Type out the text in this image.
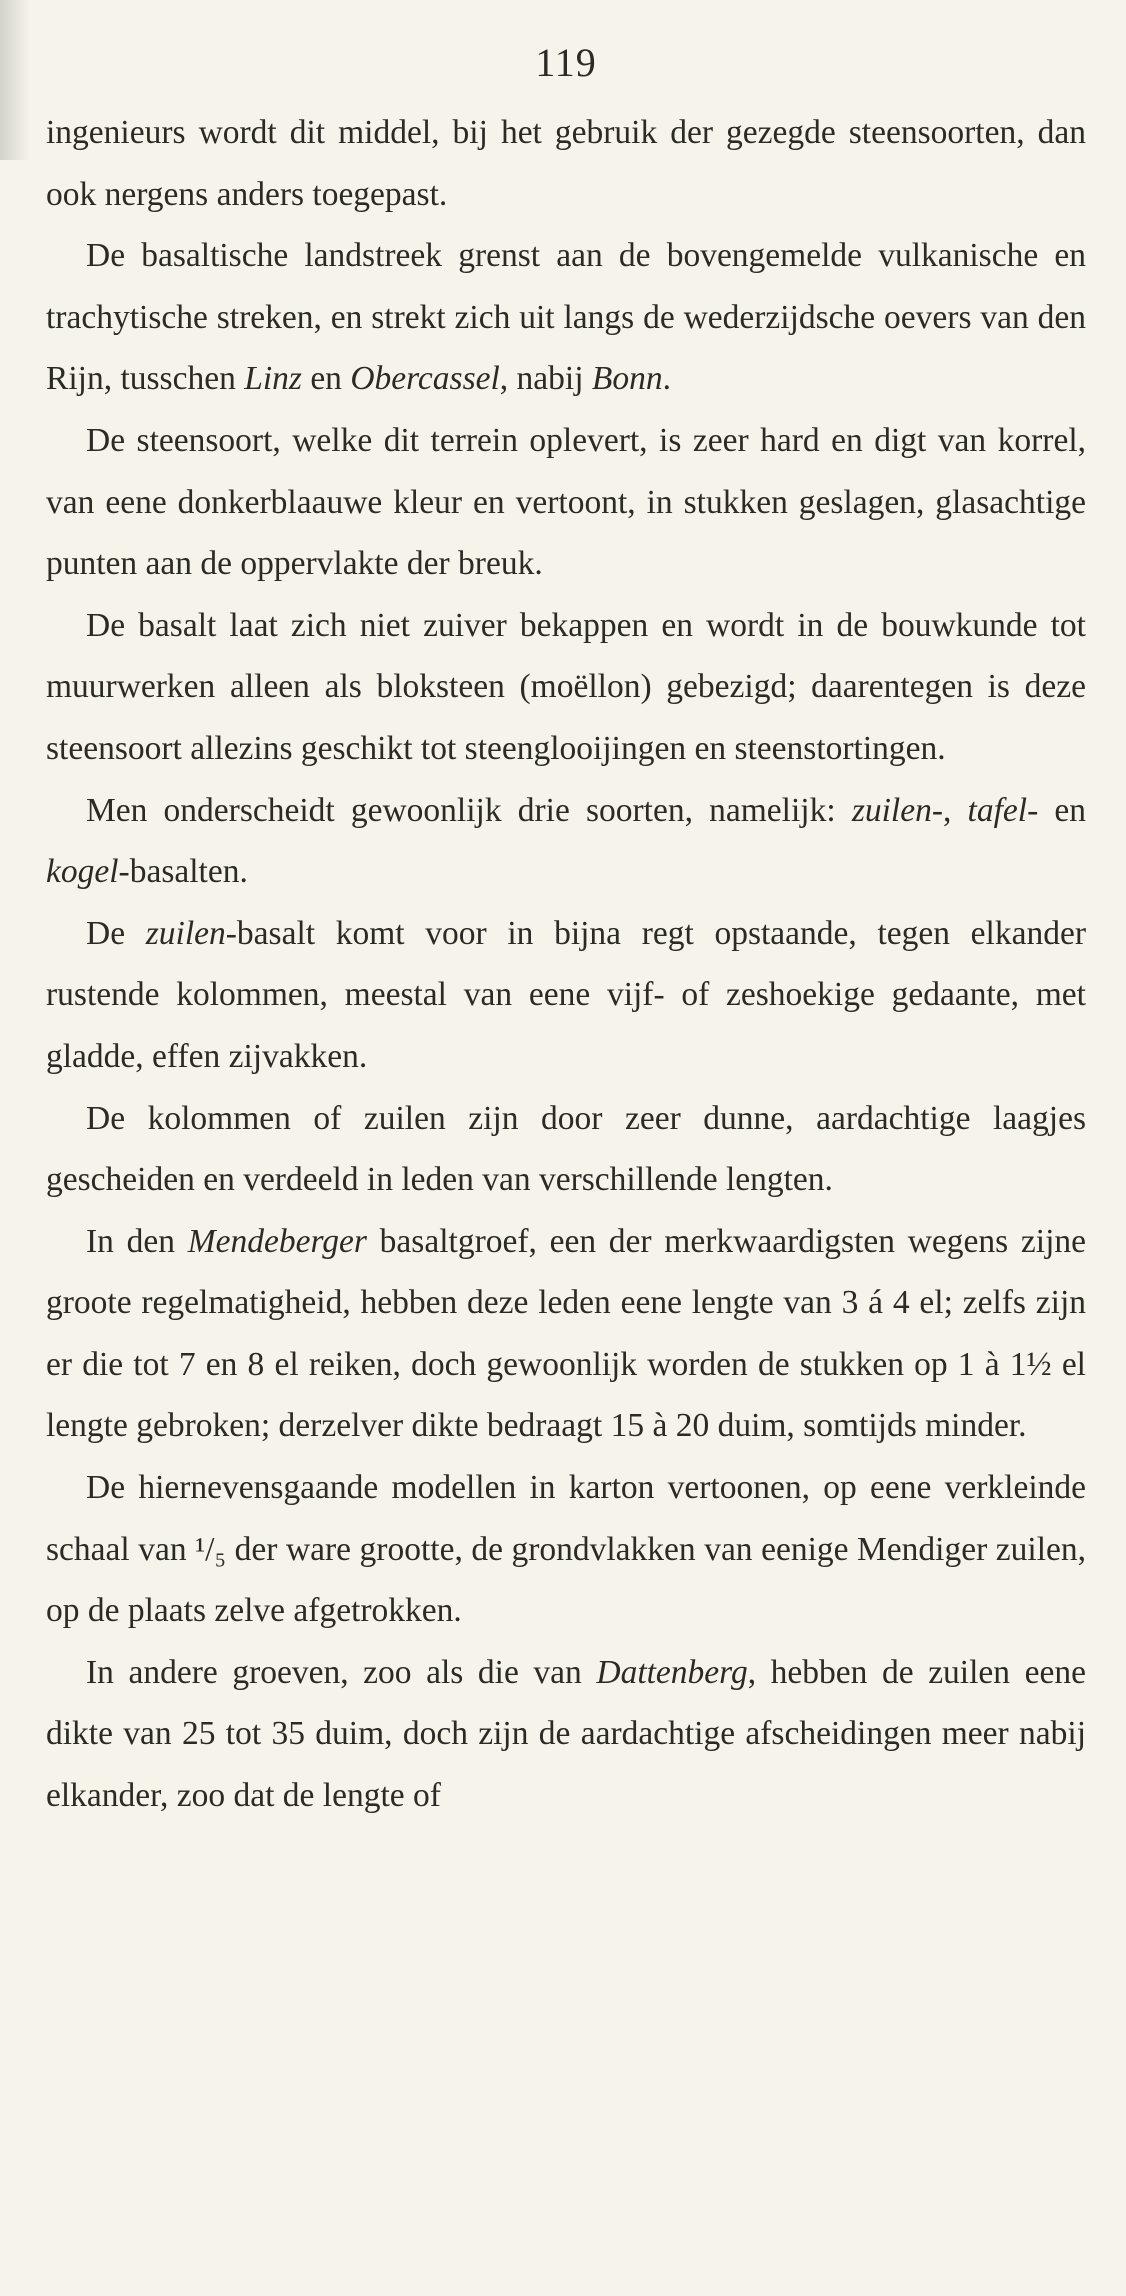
119

ingenieurs wordt dit middel, bij het gebruik der gezegde steensoorten, dan ook nergens anders toegepast.

De basaltische landstreek grenst aan de bovengemelde vulkanische en trachytische streken, en strekt zich uit langs de wederzijdsche oevers van den Rijn, tusschen Linz en Obercassel, nabij Bonn.

De steensoort, welke dit terrein oplevert, is zeer hard en digt van korrel, van eene donkerblaauwe kleur en vertoont, in stukken geslagen, glasachtige punten aan de oppervlakte der breuk.

De basalt laat zich niet zuiver bekappen en wordt in de bouwkunde tot muurwerken alleen als bloksteen (moëllon) gebezigd; daarentegen is deze steensoort allezins geschikt tot steenglooijingen en steenstortingen.

Men onderscheidt gewoonlijk drie soorten, namelijk: zuilen-, tafel- en kogel-basalten.

De zuilen-basalt komt voor in bijna regt opstaande, tegen elkander rustende kolommen, meestal van eene vijf- of zeshoekige gedaante, met gladde, effen zijvakken.

De kolommen of zuilen zijn door zeer dunne, aardachtige laagjes gescheiden en verdeeld in leden van verschillende lengten.

In den Mendeberger basaltgroef, een der merkwaardigsten wegens zijne groote regelmatigheid, hebben deze leden eene lengte van 3 á 4 el; zelfs zijn er die tot 7 en 8 el reiken, doch gewoonlijk worden de stukken op 1 à 1½ el lengte gebroken; derzelver dikte bedraagt 15 à 20 duim, somtijds minder.

De hiernevensgaande modellen in karton vertoonen, op eene verkleinde schaal van ¹/₅ der ware grootte, de grondvlakken van eenige Mendiger zuilen, op de plaats zelve afgetrokken.

In andere groeven, zoo als die van Dattenberg, hebben de zuilen eene dikte van 25 tot 35 duim, doch zijn de aardachtige afscheidingen meer nabij elkander, zoo dat de lengte of
